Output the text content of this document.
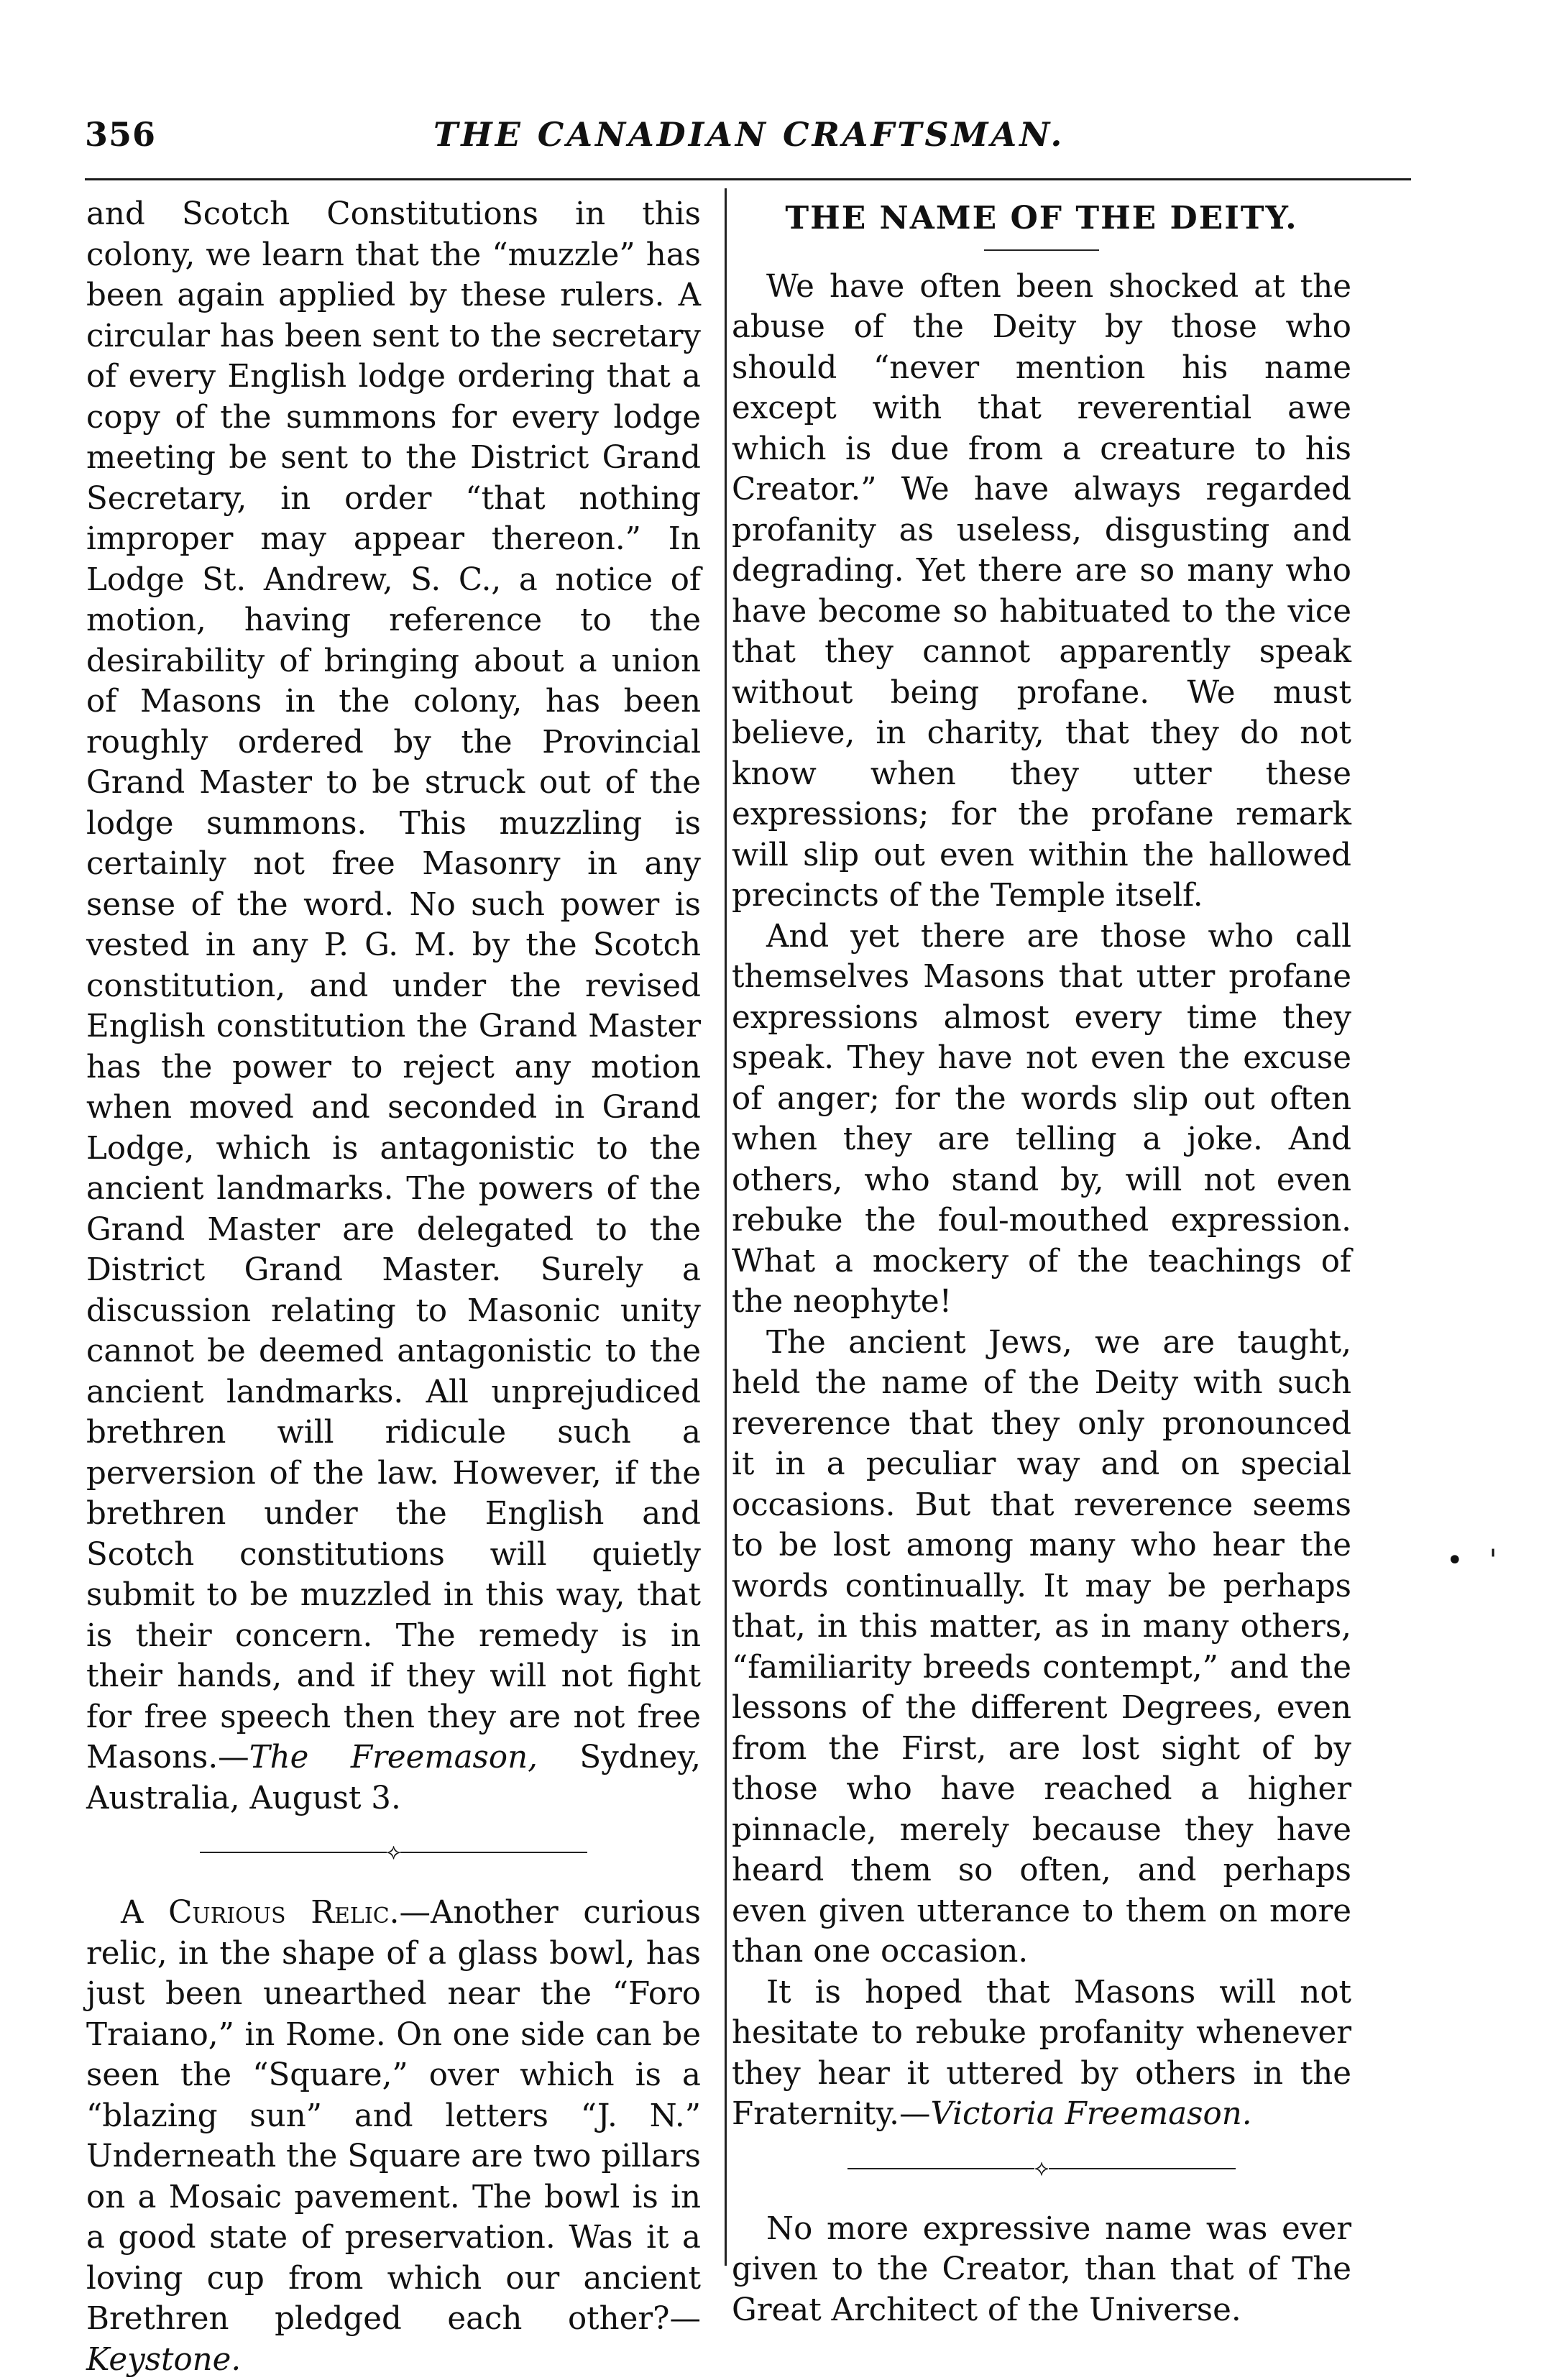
356	THE CANADIAN CRAFTSMAN.

and Scotch Constitutions in this colony, we learn that the “muzzle” has been again applied by these rulers. A circular has been sent to the secretary of every English lodge ordering that a copy of the summons for every lodge meeting be sent to the District Grand Secretary, in order “that nothing improper may appear thereon.” In Lodge St. Andrew, S. C., a notice of motion, having reference to the desirability of bringing about a union of Masons in the colony, has been roughly ordered by the Provincial Grand Master to be struck out of the lodge summons. This muzzling is certainly not free Masonry in any sense of the word. No such power is vested in any P. G. M. by the Scotch constitution, and under the revised English constitution the Grand Master has the power to reject any motion when moved and seconded in Grand Lodge, which is antagonistic to the ancient landmarks. The powers of the Grand Master are delegated to the District Grand Master. Surely a discussion relating to Masonic unity cannot be deemed antagonistic to the ancient landmarks. All unprejudiced brethren will ridicule such a perversion of the law. However, if the brethren under the English and Scotch constitutions will quietly submit to be muzzled in this way, that is their concern. The remedy is in their hands, and if they will not fight for free speech then they are not free Masons.—The Freemason, Sydney, Australia, August 3.

⟡

A Curious Relic.—Another curious relic, in the shape of a glass bowl, has just been unearthed near the “Foro Traiano,” in Rome. On one side can be seen the “Square,” over which is a “blazing sun” and letters “J. N.” Underneath the Square are two pillars on a Mosaic pavement. The bowl is in a good state of preservation. Was it a loving cup from which our ancient Brethren pledged each other?—Keystone.

THE NAME OF THE DEITY.

We have often been shocked at the abuse of the Deity by those who should “never mention his name except with that reverential awe which is due from a creature to his Creator.” We have always regarded profanity as useless, disgusting and degrading. Yet there are so many who have become so habituated to the vice that they cannot apparently speak without being profane. We must believe, in charity, that they do not know when they utter these expressions; for the profane remark will slip out even within the hallowed precincts of the Temple itself.

And yet there are those who call themselves Masons that utter profane expressions almost every time they speak. They have not even the excuse of anger; for the words slip out often when they are telling a joke. And others, who stand by, will not even rebuke the foul-mouthed expression. What a mockery of the teachings of the neophyte!

The ancient Jews, we are taught, held the name of the Deity with such reverence that they only pronounced it in a peculiar way and on special occasions. But that reverence seems to be lost among many who hear the words continually. It may be perhaps that, in this matter, as in many others, “familiarity breeds contempt,” and the lessons of the different Degrees, even from the First, are lost sight of by those who have reached a higher pinnacle, merely because they have heard them so often, and perhaps even given utterance to them on more than one occasion.

It is hoped that Masons will not hesitate to rebuke profanity whenever they hear it uttered by others in the Fraternity.—Victoria Freemason.

⟡

No more expressive name was ever given to the Creator, than that of The Great Architect of the Universe.

•​'
